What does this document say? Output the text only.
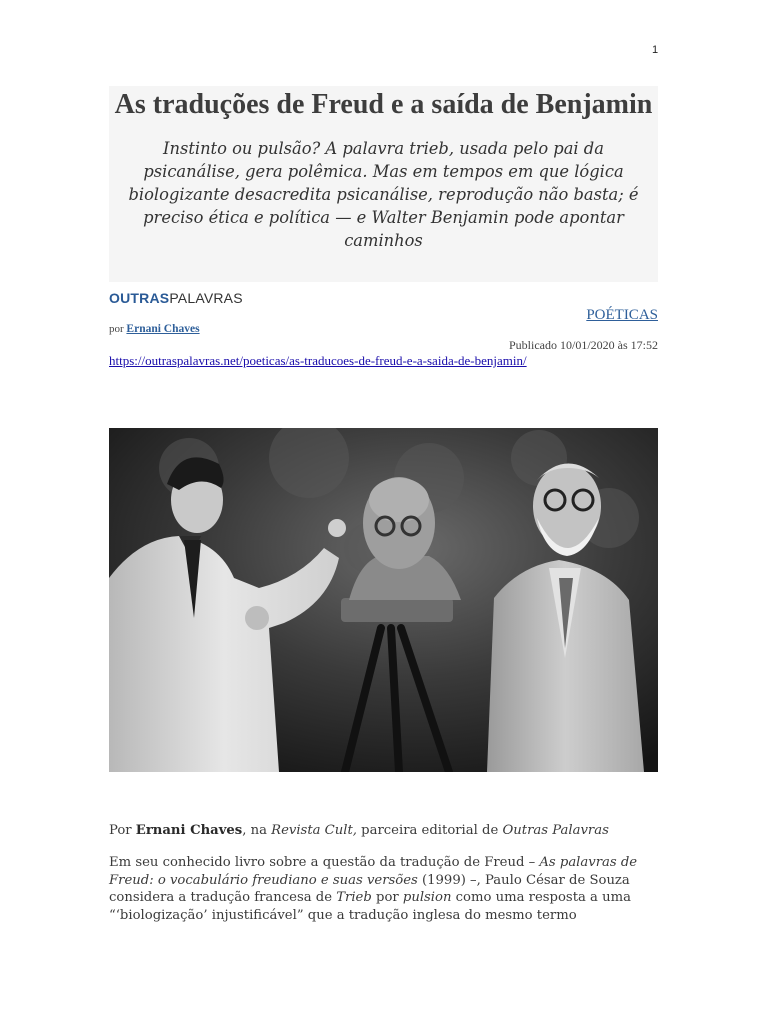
1
As traduções de Freud e a saída de Benjamin

Instinto ou pulsão? A palavra trieb, usada pelo pai da psicanálise, gera polêmica. Mas em tempos em que lógica biologizante desacredita psicanálise, reprodução não basta; é preciso ética e política — e Walter Benjamin pode apontar caminhos

OUTRASPALAVRAS
POÉTICAS
por Ernani Chaves
Publicado 10/01/2020 às 17:52
https://outraspalavras.net/poeticas/as-traducoes-de-freud-e-a-saida-de-benjamin/

Por Ernani Chaves, na Revista Cult, parceira editorial de Outras Palavras

Em seu conhecido livro sobre a questão da tradução de Freud – As palavras de Freud: o vocabulário freudiano e suas versões (1999) –, Paulo César de Souza considera a tradução francesa de Trieb por pulsion como uma resposta a uma “‘biologização’ injustificável” que a tradução inglesa do mesmo termo
